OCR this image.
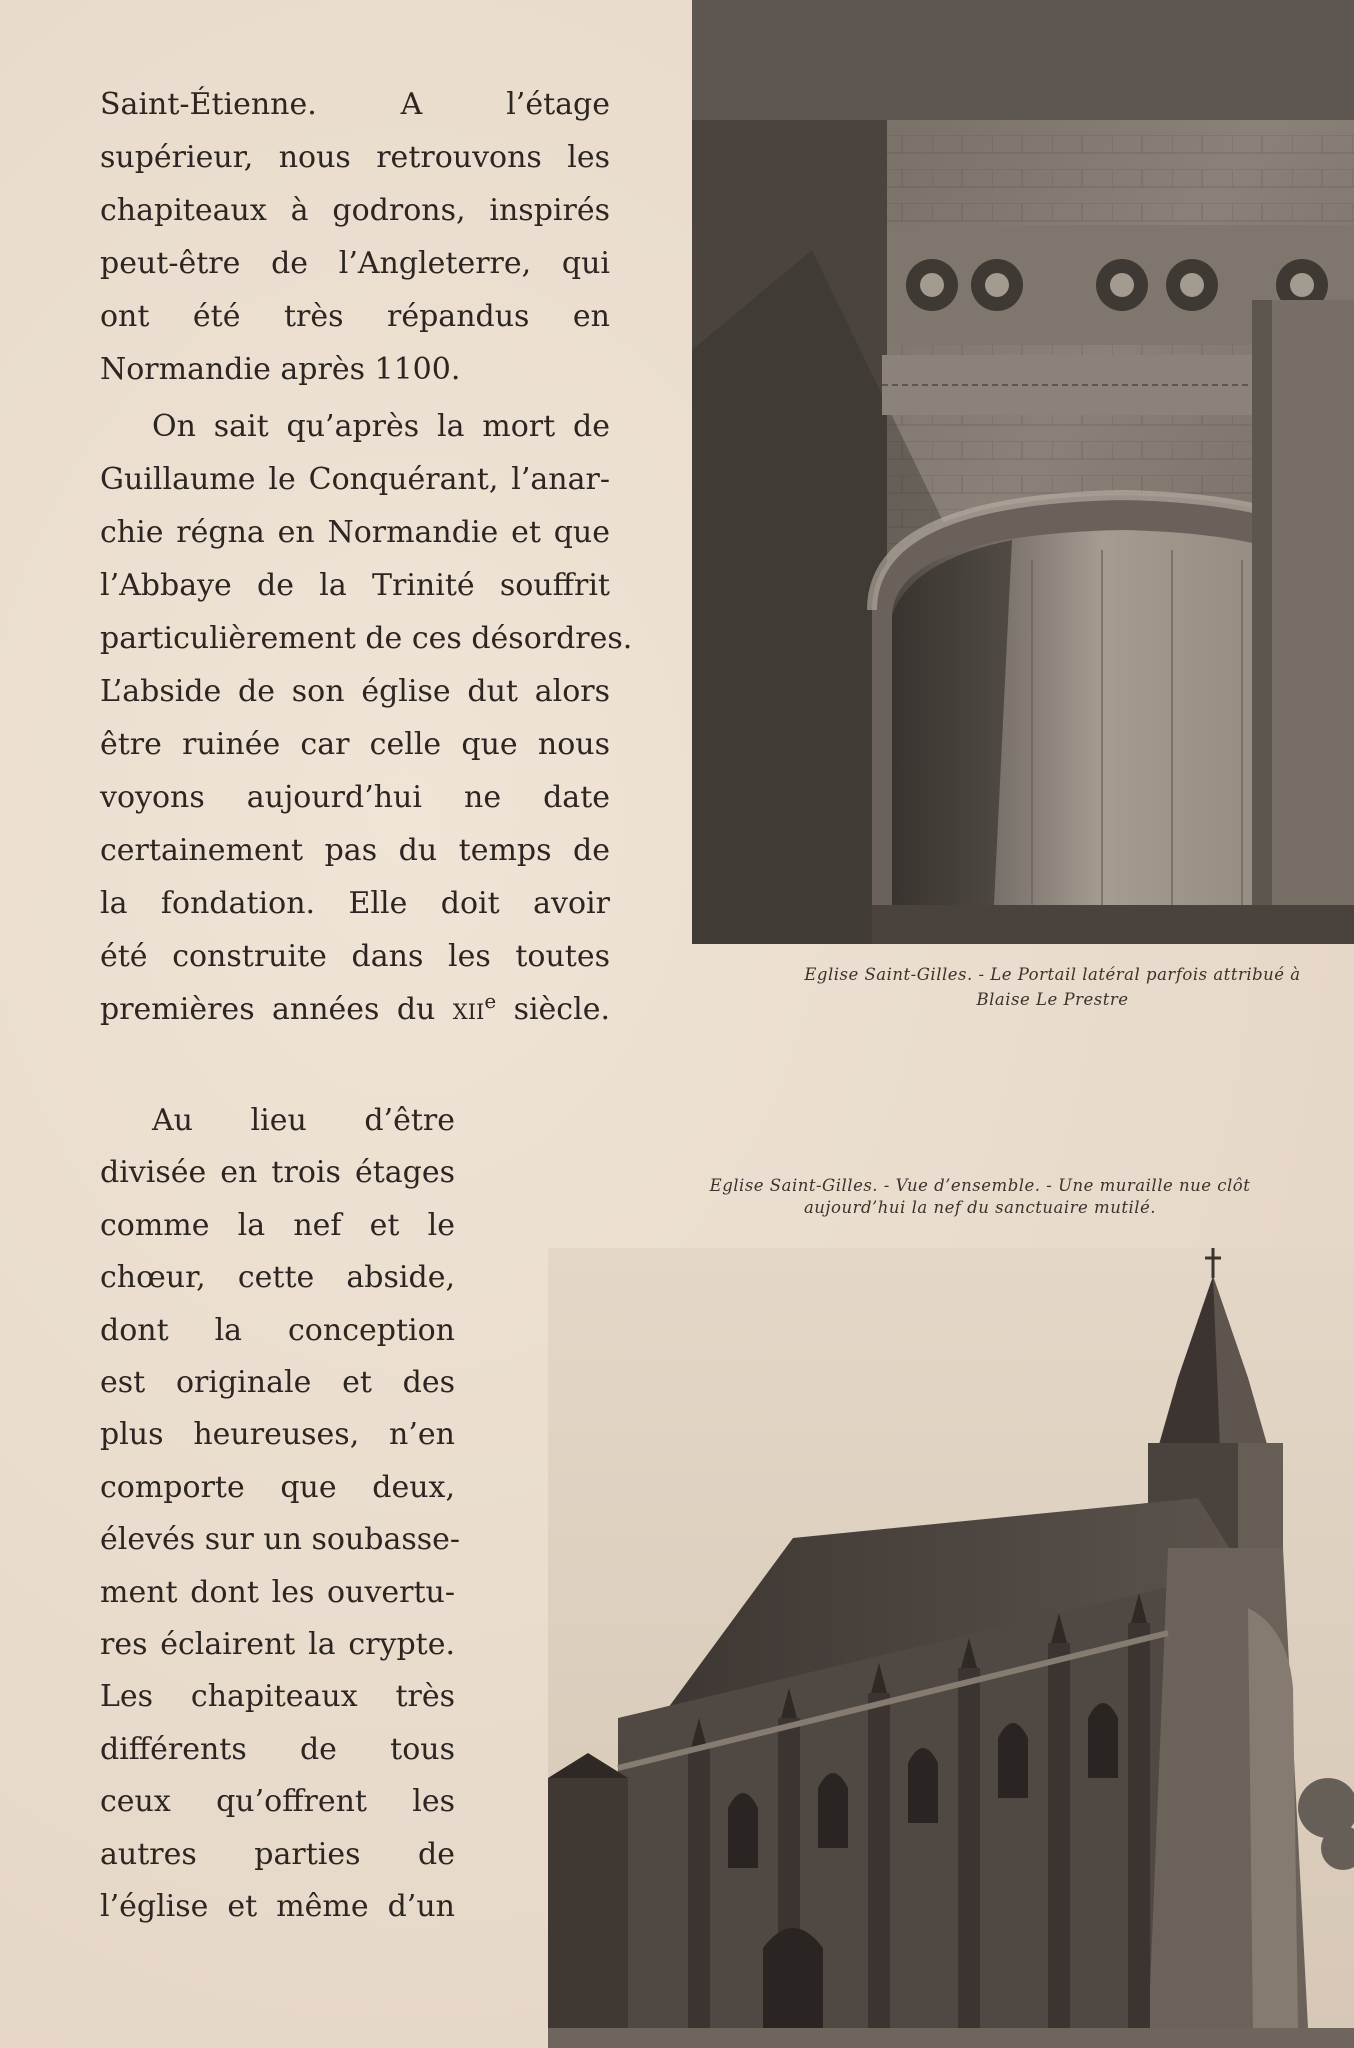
Saint-Étienne. A l’étage
supérieur, nous retrouvons les
chapiteaux à godrons, inspirés
peut-être de l’Angleterre, qui
ont été très répandus en
Normandie après 1100.

On sait qu’après la mort de
Guillaume le Conquérant, l’anar-
chie régna en Normandie et que
l’Abbaye de la Trinité souffrit
particulièrement de ces désordres.
L’abside de son église dut alors
être ruinée car celle que nous
voyons aujourd’hui ne date
certainement pas du temps de
la fondation. Elle doit avoir
été construite dans les toutes
premières années du xii$^e$ siècle.

Au lieu d’être
divisée en trois étages
comme la nef et le
chœur, cette abside,
dont la conception
est originale et des
plus heureuses, n’en
comporte que deux,
élevés sur un soubasse-
ment dont les ouvertu-
res éclairent la crypte.
Les chapiteaux très
différents de tous
ceux qu’offrent les
autres parties de
l’église et même d’un

Eglise Saint-Gilles. - Le Portail latéral parfois attribué à
Blaise Le Prestre
Eglise Saint-Gilles. - Vue d’ensemble. - Une muraille nue clôt
aujourd’hui la nef du sanctuaire mutilé.
